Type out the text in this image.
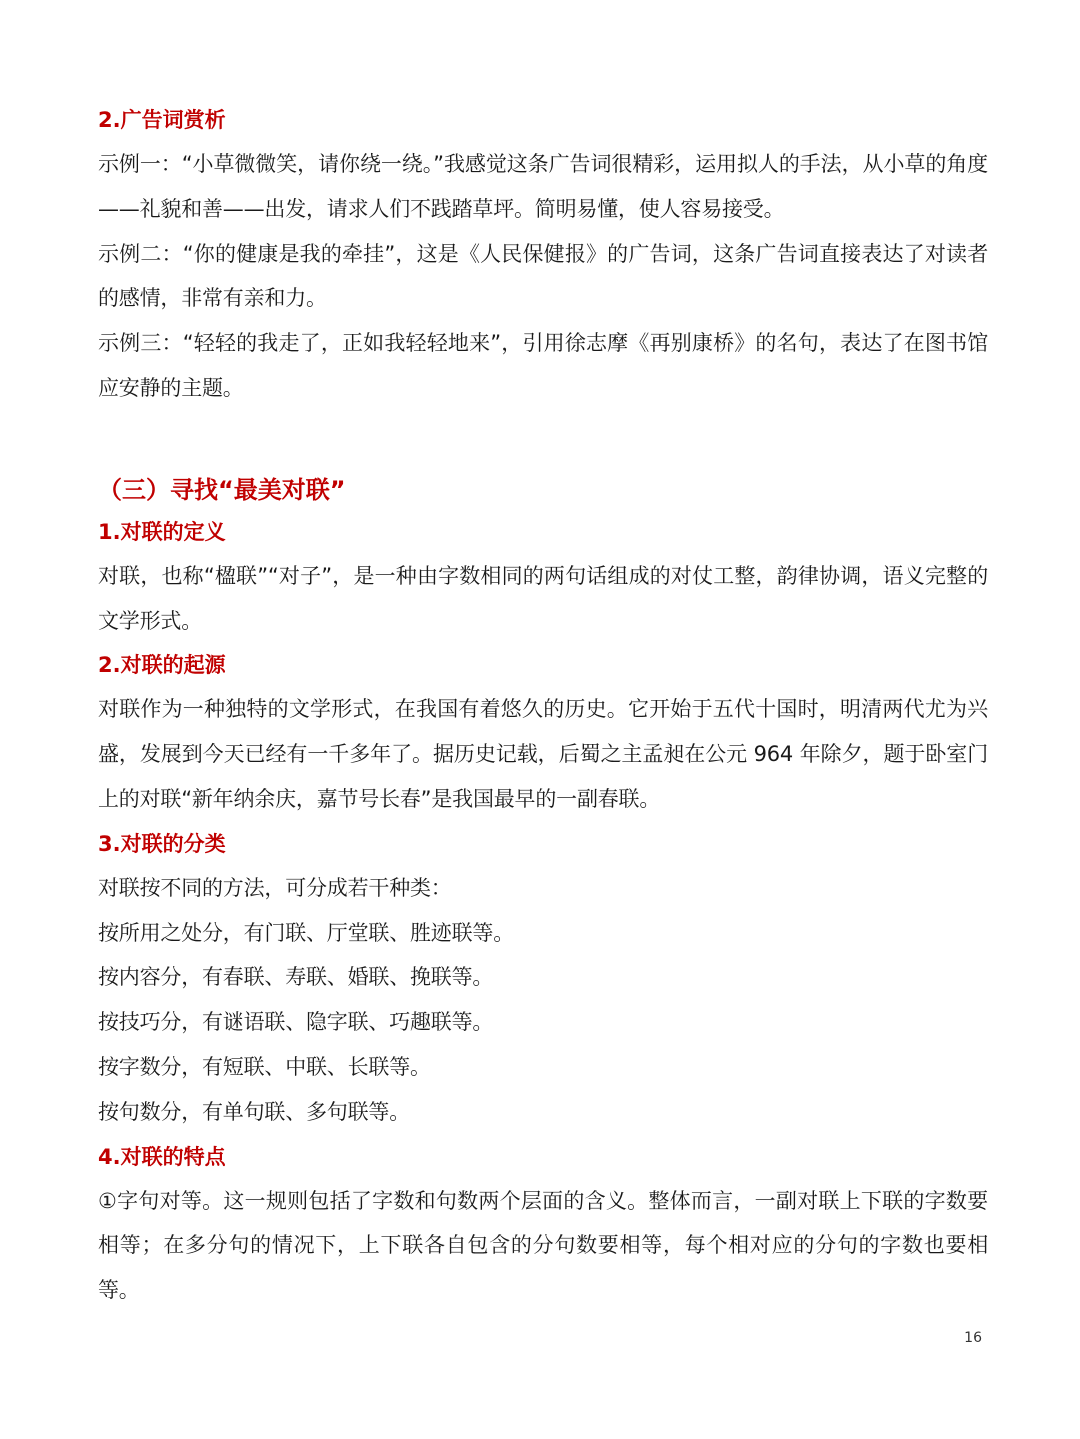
2.广告词赏析

示例一：“小草微微笑，请你绕一绕。”我感觉这条广告词很精彩，运用拟人的手法，从小草的角度——礼貌和善——出发，请求人们不践踏草坪。简明易懂，使人容易接受。

示例二：“你的健康是我的牵挂”，这是《人民保健报》的广告词，这条广告词直接表达了对读者的感情，非常有亲和力。

示例三：“轻轻的我走了，正如我轻轻地来”，引用徐志摩《再别康桥》的名句，表达了在图书馆应安静的主题。

（三）寻找“最美对联”

1.对联的定义

对联，也称“楹联”“对子”，是一种由字数相同的两句话组成的对仗工整，韵律协调，语义完整的文学形式。

2.对联的起源

对联作为一种独特的文学形式，在我国有着悠久的历史。它开始于五代十国时，明清两代尤为兴盛，发展到今天已经有一千多年了。据历史记载，后蜀之主孟昶在公元 964 年除夕，题于卧室门上的对联“新年纳余庆，嘉节号长春”是我国最早的一副春联。

3.对联的分类

对联按不同的方法，可分成若干种类：

按所用之处分，有门联、厅堂联、胜迹联等。

按内容分，有春联、寿联、婚联、挽联等。

按技巧分，有谜语联、隐字联、巧趣联等。

按字数分，有短联、中联、长联等。

按句数分，有单句联、多句联等。

4.对联的特点

①字句对等。这一规则包括了字数和句数两个层面的含义。整体而言，一副对联上下联的字数要相等；在多分句的情况下，上下联各自包含的分句数要相等，每个相对应的分句的字数也要相等。

16
